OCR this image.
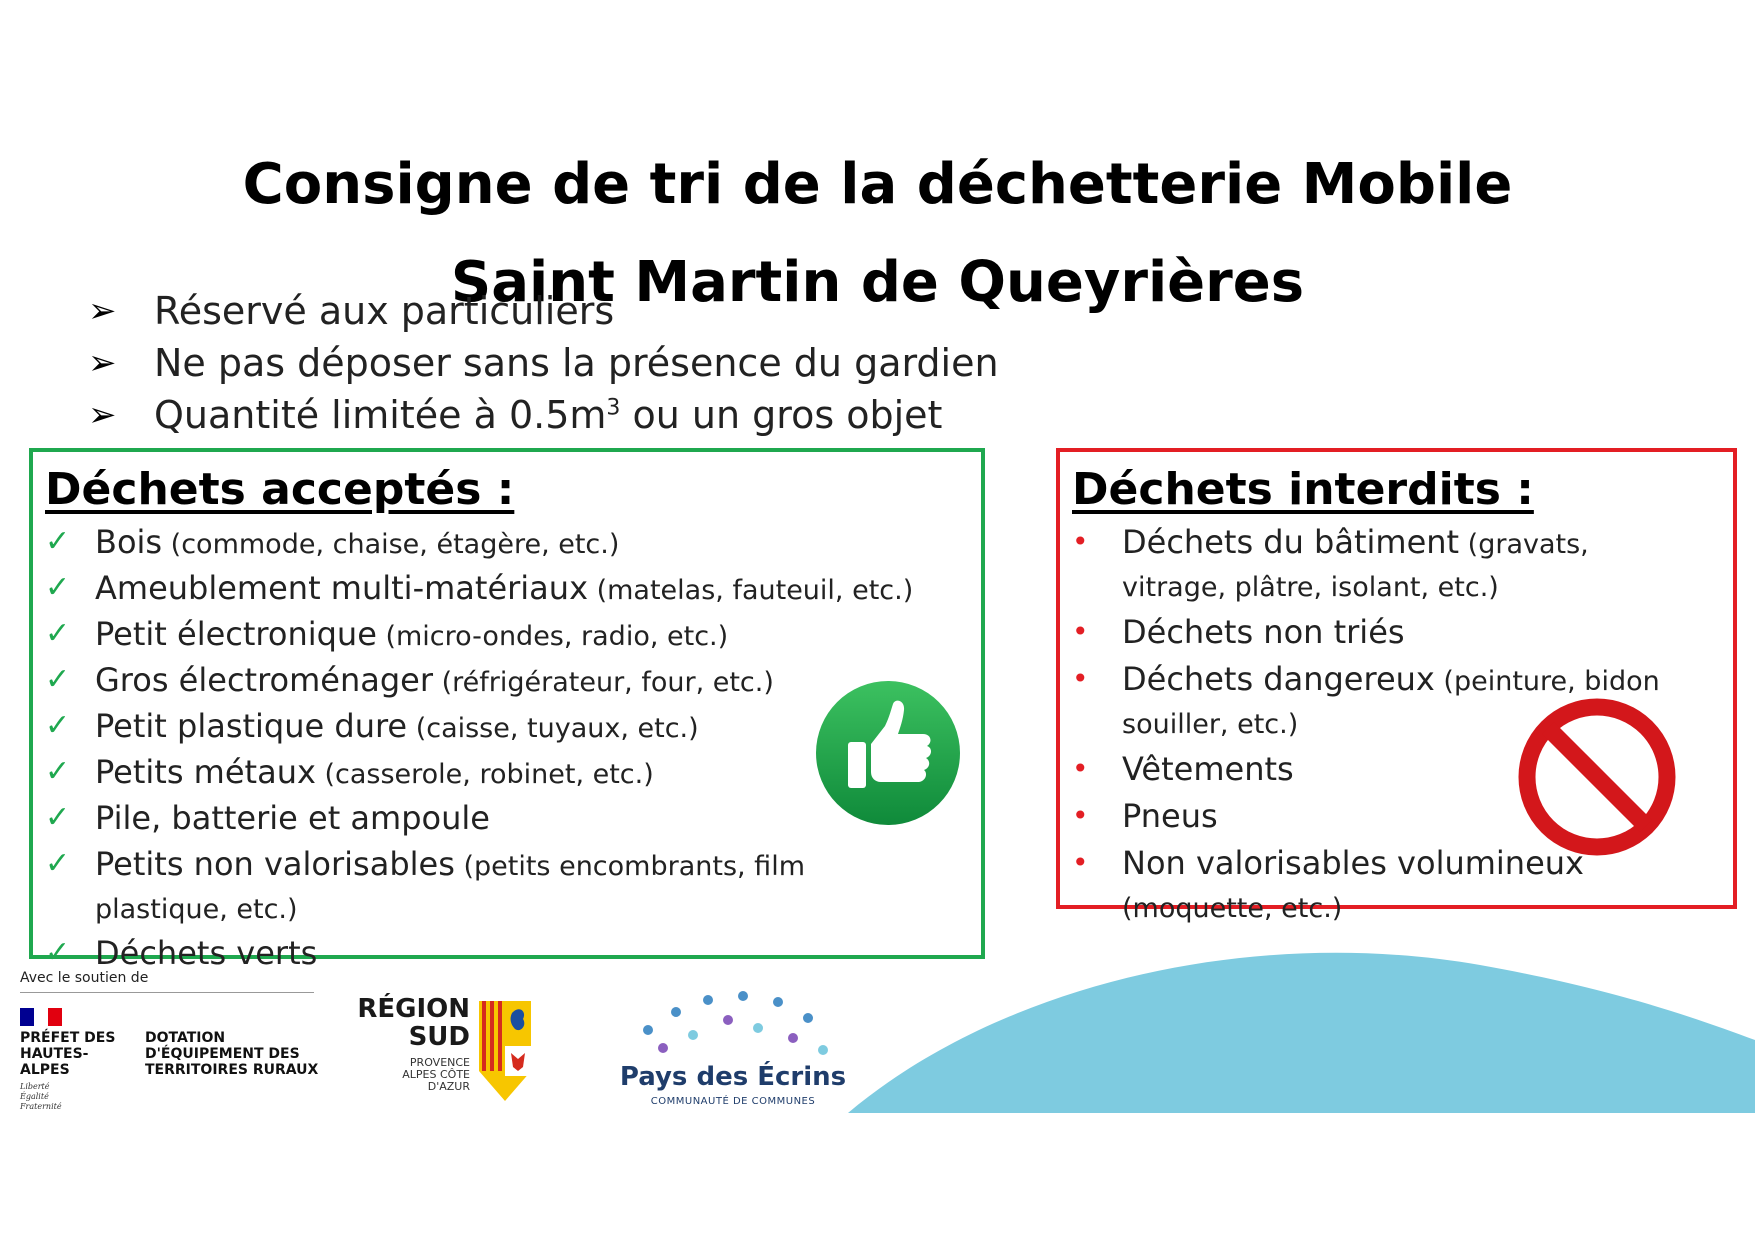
Consigne de tri de la déchetterie Mobile
Saint Martin de Queyrières
➢ Réservé aux particuliers
➢ Ne pas déposer sans la présence du gardien
➢ Quantité limitée à $0.5m^3$ ou un gros objet
Déchets acceptés :
✓ Bois (commode, chaise, étagère, etc.)
✓ Ameublement multi-matériaux (matelas, fauteuil, etc.)
✓ Petit électronique (micro-ondes, radio, etc.)
✓ Gros électroménager (réfrigérateur, four, etc.)
✓ Petit plastique dure (caisse, tuyaux, etc.)
✓ Petits métaux (casserole, robinet, etc.)
✓ Pile, batterie et ampoule
✓ Petits non valorisables (petits encombrants, film plastique, etc.)
✓ Déchets verts
Déchets interdits :
•	Déchets du bâtiment (gravats, vitrage, plâtre, isolant, etc.)
•	Déchets non triés
•	Déchets dangereux (peinture, bidon souiller, etc.)
•	Vêtements
•	Pneus
•	Non valorisables volumineux (moquette, etc.)
Avec le soutien de
PRÉFET DES HAUTES-ALPES
Liberté Égalité Fraternité
DOTATION D'ÉQUIPEMENT DES TERRITOIRES RURAUX
RÉGION SUD
PROVENCE ALPES CÔTE D'AZUR	Pays des Écrins
COMMUNAUTÉ DE COMMUNES
